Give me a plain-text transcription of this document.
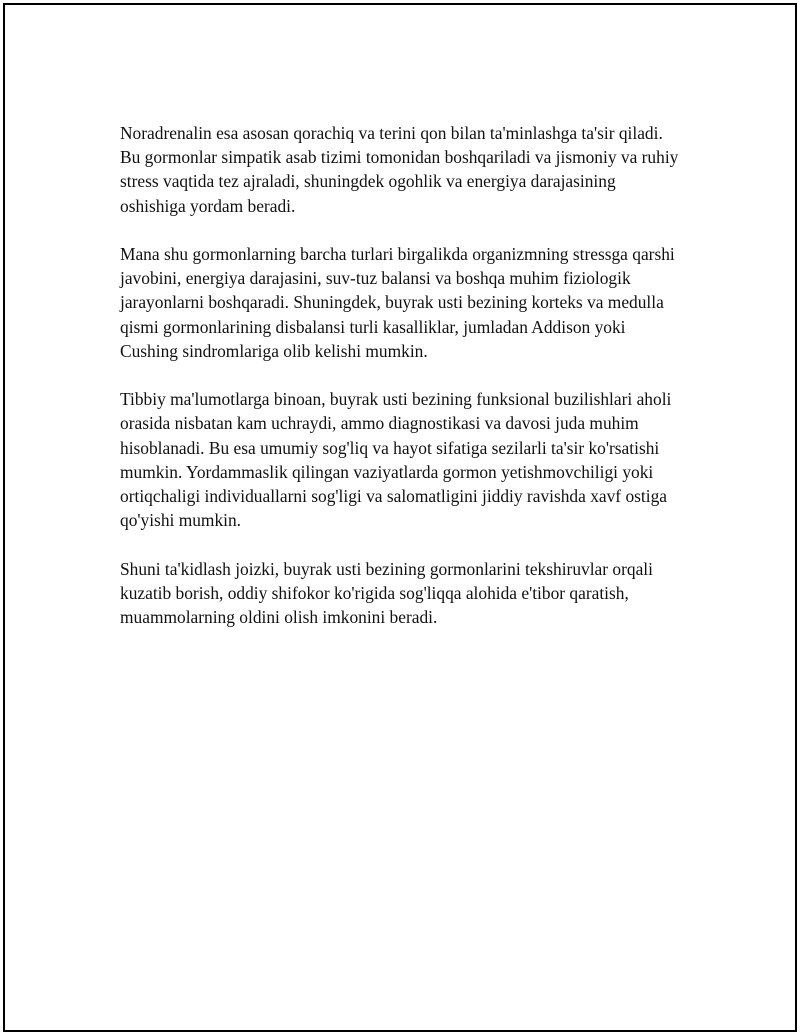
Noradrenalin esa asosan qorachiq va terini qon bilan ta'minlashga ta'sir qiladi. Bu gormonlar simpatik asab tizimi tomonidan boshqariladi va jismoniy va ruhiy stress vaqtida tez ajraladi, shuningdek ogohlik va energiya darajasining oshishiga yordam beradi.

Mana shu gormonlarning barcha turlari birgalikda organizmning stressga qarshi javobini, energiya darajasini, suv-tuz balansi va boshqa muhim fiziologik jarayonlarni boshqaradi. Shuningdek, buyrak usti bezining korteks va medulla qismi gormonlarining disbalansi turli kasalliklar, jumladan Addison yoki Cushing sindromlariga olib kelishi mumkin.

Tibbiy ma'lumotlarga binoan, buyrak usti bezining funksional buzilishlari aholi orasida nisbatan kam uchraydi, ammo diagnostikasi va davosi juda muhim hisoblanadi. Bu esa umumiy sog'liq va hayot sifatiga sezilarli ta'sir ko'rsatishi mumkin. Yordammaslik qilingan vaziyatlarda gormon yetishmovchiligi yoki ortiqchaligi individuallarni sog'ligi va salomatligini jiddiy ravishda xavf ostiga qo'yishi mumkin.

Shuni ta'kidlash joizki, buyrak usti bezining gormonlarini tekshiruvlar orqali kuzatib borish, oddiy shifokor ko'rigida sog'liqqa alohida e'tibor qaratish, muammolarning oldini olish imkonini beradi.
